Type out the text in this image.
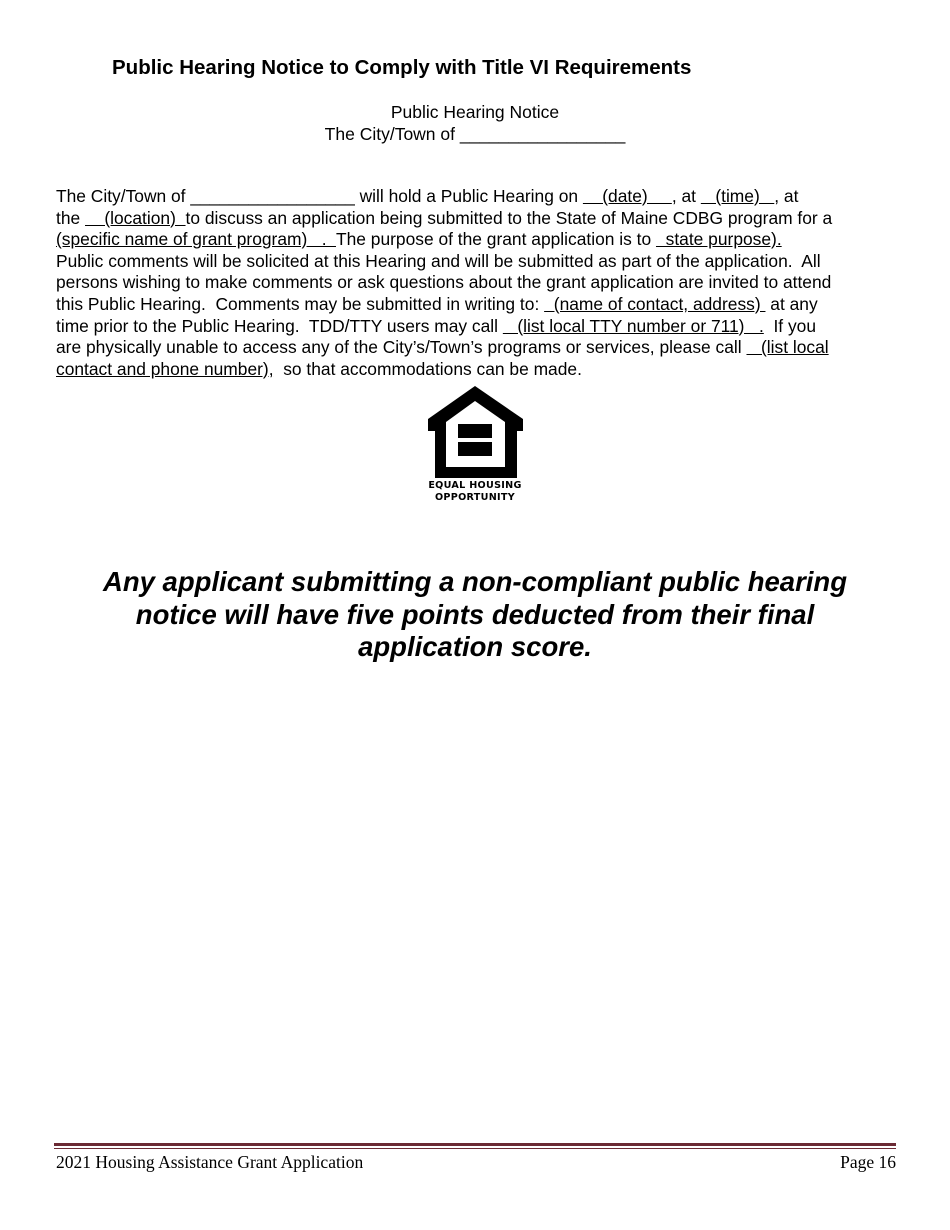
Public Hearing Notice to Comply with Title VI Requirements
Public Hearing Notice
The City/Town of _________________
The City/Town of _________________ will hold a Public Hearing on     (date)     , at    (time)   , at
the     (location)  to discuss an application being submitted to the State of Maine CDBG program for a
(specific name of grant program)   .  The purpose of the grant application is to   state purpose).
Public comments will be solicited at this Hearing and will be submitted as part of the application.  All
persons wishing to make comments or ask questions about the grant application are invited to attend
this Public Hearing.  Comments may be submitted in writing to:   (name of contact, address)  at any
time prior to the Public Hearing.  TDD/TTY users may call    (list local TTY number or 711)   .  If you
are physically unable to access any of the City’s/Town’s programs or services, please call    (list local
contact and phone number),  so that accommodations can be made.
EQUAL HOUSING
OPPORTUNITY
Any applicant submitting a non-compliant public hearing notice will have five points deducted from their final application score.
2021 Housing Assistance Grant Application	Page 16
